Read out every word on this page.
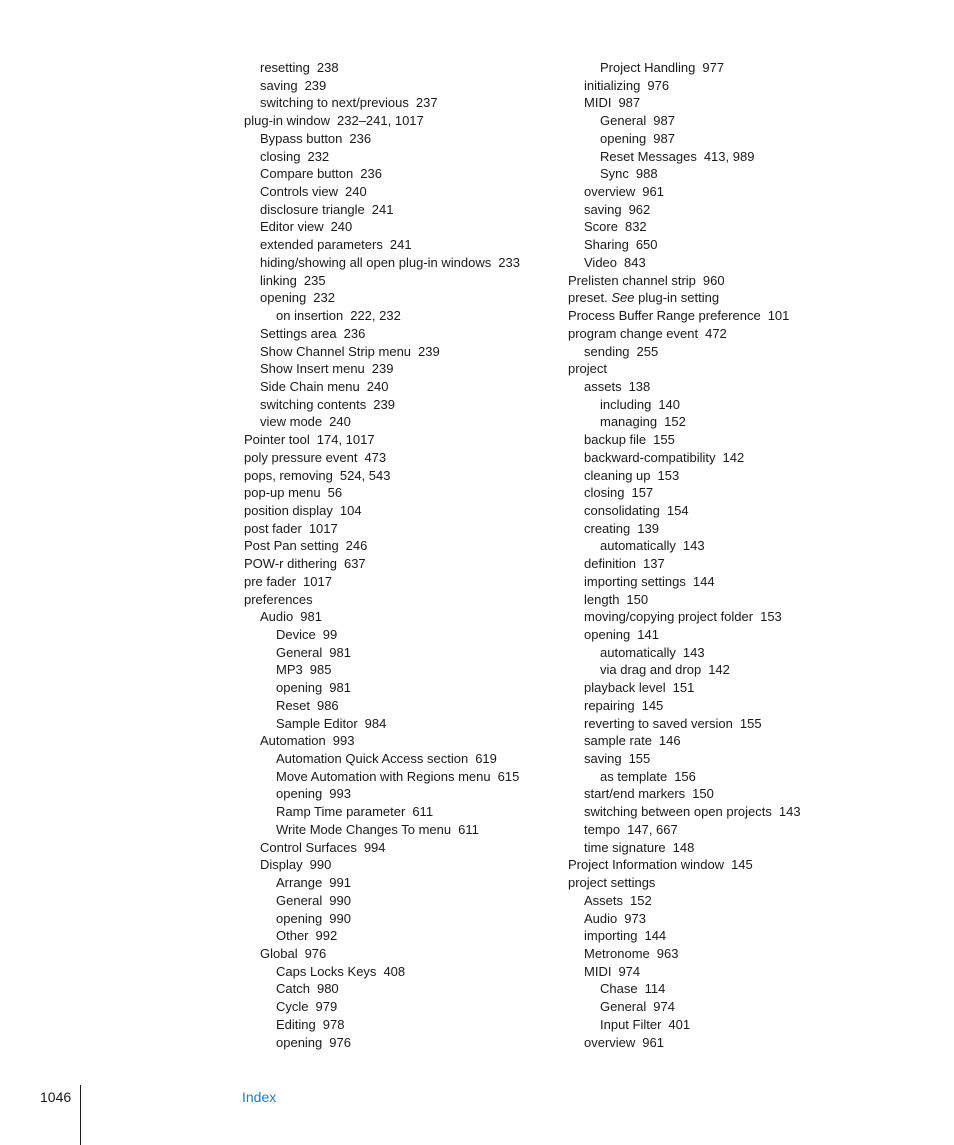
resetting 238
saving 239
switching to next/previous 237
plug-in window 232–241, 1017
Bypass button 236
closing 232
Compare button 236
Controls view 240
disclosure triangle 241
Editor view 240
extended parameters 241
hiding/showing all open plug-in windows 233
linking 235
opening 232
on insertion 222, 232
Settings area 236
Show Channel Strip menu 239
Show Insert menu 239
Side Chain menu 240
switching contents 239
view mode 240
Pointer tool 174, 1017
poly pressure event 473
pops, removing 524, 543
pop-up menu 56
position display 104
post fader 1017
Post Pan setting 246
POW-r dithering 637
pre fader 1017
preferences
Audio 981
Device 99
General 981
MP3 985
opening 981
Reset 986
Sample Editor 984
Automation 993
Automation Quick Access section 619
Move Automation with Regions menu 615
opening 993
Ramp Time parameter 611
Write Mode Changes To menu 611
Control Surfaces 994
Display 990
Arrange 991
General 990
opening 990
Other 992
Global 976
Caps Locks Keys 408
Catch 980
Cycle 979
Editing 978
opening 976
Project Handling 977
initializing 976
MIDI 987
General 987
opening 987
Reset Messages 413, 989
Sync 988
overview 961
saving 962
Score 832
Sharing 650
Video 843
Prelisten channel strip 960
preset. See plug-in setting
Process Buffer Range preference 101
program change event 472
sending 255
project
assets 138
including 140
managing 152
backup file 155
backward-compatibility 142
cleaning up 153
closing 157
consolidating 154
creating 139
automatically 143
definition 137
importing settings 144
length 150
moving/copying project folder 153
opening 141
automatically 143
via drag and drop 142
playback level 151
repairing 145
reverting to saved version 155
sample rate 146
saving 155
as template 156
start/end markers 150
switching between open projects 143
tempo 147, 667
time signature 148
Project Information window 145
project settings
Assets 152
Audio 973
importing 144
Metronome 963
MIDI 974
Chase 114
General 974
Input Filter 401
overview 961
1046	Index
